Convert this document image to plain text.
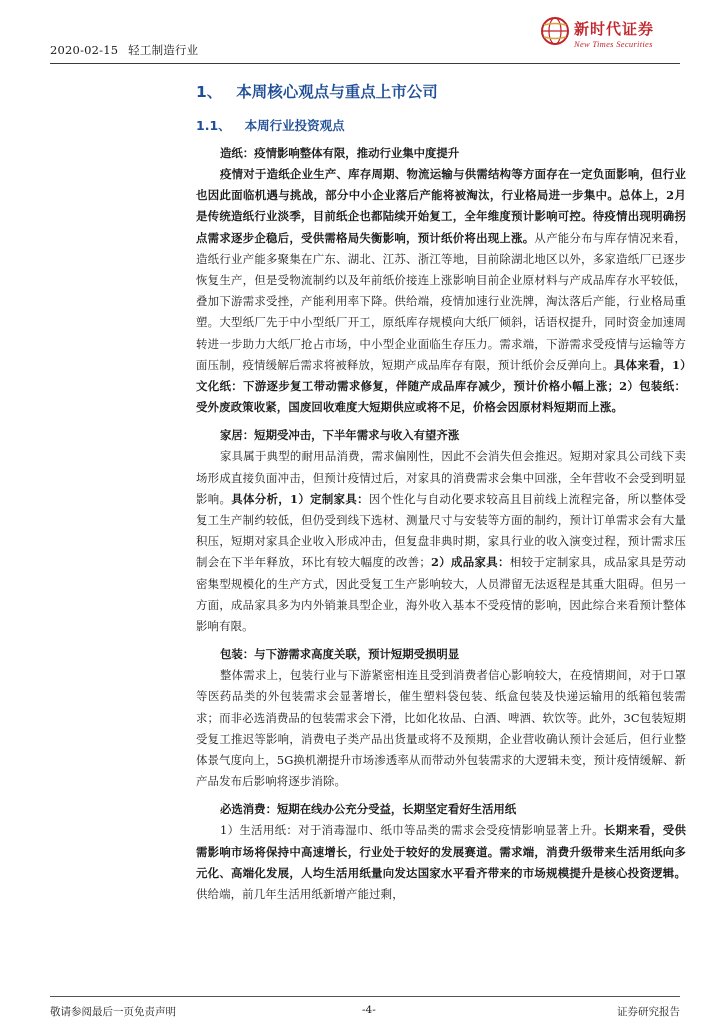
2020-02-15 轻工制造行业
新时代证券
New Times Securities
1、 本周核心观点与重点上市公司
1.1、 本周行业投资观点
造纸：疫情影响整体有限，推动行业集中度提升
疫情对于造纸企业生产、库存周期、物流运输与供需结构等方面存在一定负面影响，但行业也因此面临机遇与挑战，部分中小企业落后产能将被淘汰，行业格局进一步集中。总体上，2月是传统造纸行业淡季，目前纸企也都陆续开始复工，全年维度预计影响可控。待疫情出现明确拐点需求逐步企稳后，受供需格局失衡影响，预计纸价将出现上涨。从产能分布与库存情况来看，造纸行业产能多聚集在广东、湖北、江苏、浙江等地，目前除湖北地区以外，多家造纸厂已逐步恢复生产，但是受物流制约以及年前纸价接连上涨影响目前企业原材料与产成品库存水平较低，叠加下游需求受挫，产能利用率下降。供给端，疫情加速行业洗牌，淘汰落后产能，行业格局重塑。大型纸厂先于中小型纸厂开工，原纸库存规模向大纸厂倾斜，话语权提升，同时资金加速周转进一步助力大纸厂抢占市场，中小型企业面临生存压力。需求端，下游需求受疫情与运输等方面压制，疫情缓解后需求将被释放，短期产成品库存有限，预计纸价会反弹向上。具体来看，1）文化纸：下游逐步复工带动需求修复，伴随产成品库存减少，预计价格小幅上涨；2）包装纸：受外废政策收紧，国废回收难度大短期供应或将不足，价格会因原材料短期而上涨。
家居：短期受冲击，下半年需求与收入有望齐涨
家具属于典型的耐用品消费，需求偏刚性，因此不会消失但会推迟。短期对家具公司线下卖场形成直接负面冲击，但预计疫情过后，对家具的消费需求会集中回涨，全年营收不会受到明显影响。具体分析，1）定制家具：因个性化与自动化要求较高且目前线上流程完备，所以整体受复工生产制约较低，但仍受到线下选材、测量尺寸与安装等方面的制约，预计订单需求会有大量积压，短期对家具企业收入形成冲击，但复盘非典时期，家具行业的收入演变过程，预计需求压制会在下半年释放，环比有较大幅度的改善；2）成品家具：相较于定制家具，成品家具是劳动密集型规模化的生产方式，因此受复工生产影响较大，人员滞留无法返程是其重大阻碍。但另一方面，成品家具多为内外销兼具型企业，海外收入基本不受疫情的影响，因此综合来看预计整体影响有限。
包装：与下游需求高度关联，预计短期受损明显
整体需求上，包装行业与下游紧密相连且受到消费者信心影响较大，在疫情期间，对于口罩等医药品类的外包装需求会显著增长，催生塑料袋包装、纸盒包装及快递运输用的纸箱包装需求；而非必选消费品的包装需求会下滑，比如化妆品、白酒、啤酒、软饮等。此外，3C包装短期受复工推迟等影响，消费电子类产品出货量或将不及预期，企业营收确认预计会延后，但行业整体景气度向上，5G换机潮提升市场渗透率从而带动外包装需求的大逻辑未变，预计疫情缓解、新产品发布后影响将逐步消除。
必选消费：短期在线办公充分受益，长期坚定看好生活用纸
1）生活用纸：对于消毒湿巾、纸巾等品类的需求会受疫情影响显著上升。长期来看，受供需影响市场将保持中高速增长，行业处于较好的发展赛道。需求端，消费升级带来生活用纸向多元化、高端化发展，人均生活用纸量向发达国家水平看齐带来的市场规模提升是核心投资逻辑。供给端，前几年生活用纸新增产能过剩，
敬请参阅最后一页免责声明	-4-	证券研究报告
